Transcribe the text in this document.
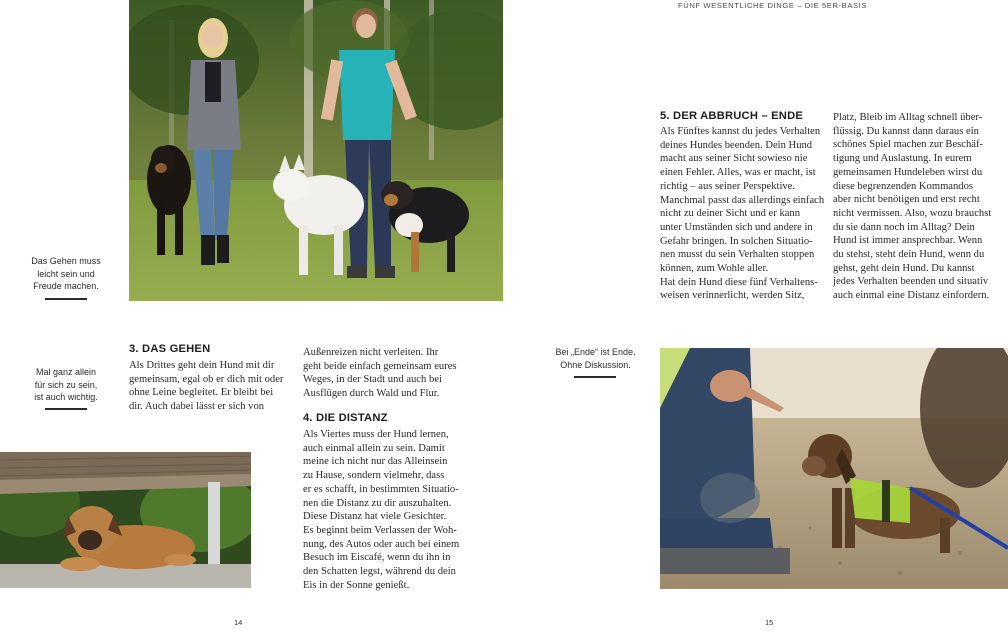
FÜNF WESENTLICHE DINGE – DIE 5ER-BASIS

Das Gehen muss

leicht sein und

Freude machen.

Mal ganz allein

für sich zu sein,

ist auch wichtig.

3. DAS GEHEN

Als Drittes geht dein Hund mit dir

gemeinsam, egal ob er dich mit oder

ohne Leine begleitet. Er bleibt bei

dir. Auch dabei lässt er sich von

Außenreizen nicht verleiten. Ihr

geht beide einfach gemeinsam eures

Weges, in der Stadt und auch bei

Ausflügen durch Wald und Flur.

4. DIE DISTANZ

Als Viertes muss der Hund lernen,

auch einmal allein zu sein. Damit

meine ich nicht nur das Alleinsein

zu Hause, sondern vielmehr, dass

er es schafft, in bestimmten Situatio-

nen die Distanz zu dir auszuhalten.

Diese Distanz hat viele Gesichter.

Es beginnt beim Verlassen der Woh-

nung, des Autos oder auch bei einem

Besuch im Eiscafé, wenn du ihn in

den Schatten legst, während du dein

Eis in der Sonne genießt.

5. DER ABBRUCH – ENDE

Als Fünftes kannst du jedes Verhalten

deines Hundes beenden. Dein Hund

macht aus seiner Sicht sowieso nie

einen Fehler. Alles, was er macht, ist

richtig – aus seiner Perspektive.

Manchmal passt das allerdings einfach

nicht zu deiner Sicht und er kann

unter Umständen sich und andere in

Gefahr bringen. In solchen Situatio-

nen musst du sein Verhalten stoppen

können, zum Wohle aller.

Hat dein Hund diese fünf Verhaltens-

weisen verinnerlicht, werden Sitz,

Platz, Bleib im Alltag schnell über-

flüssig. Du kannst dann daraus ein

schönes Spiel machen zur Beschäf-

tigung und Auslastung. In eurem

gemeinsamen Hundeleben wirst du

diese begrenzenden Kommandos

aber nicht benötigen und erst recht

nicht vermissen. Also, wozu brauchst

du sie dann noch im Alltag? Dein

Hund ist immer ansprechbar. Wenn

du stehst, steht dein Hund, wenn du

gehst, geht dein Hund. Du kannst

jedes Verhalten beenden und situativ

auch einmal eine Distanz einfordern.

Bei „Ende“ ist Ende.

Ohne Diskussion.

14	15
